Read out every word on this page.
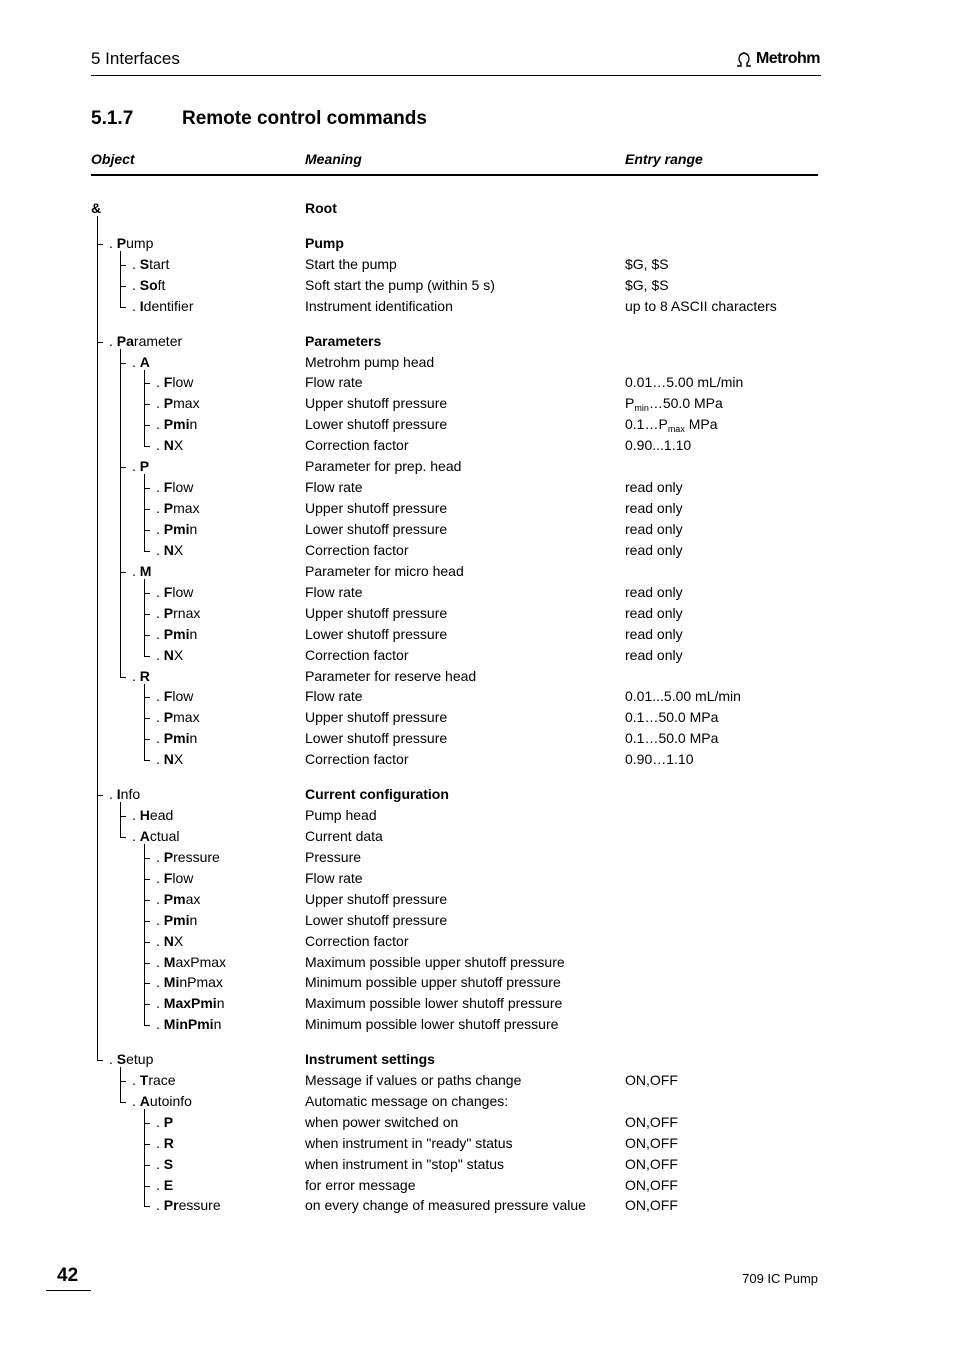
5 Interfaces	Metrohm
5.1.7	Remote control commands
Object	Meaning	Entry range
&	Root
. Pump	Pump
. Start	Start the pump	$G, $S
. Soft	Soft start the pump (within 5 s)	$G, $S
. Identifier	Instrument identification	up to 8 ASCII characters
. Parameter	Parameters
. A	Metrohm pump head
. Flow	Flow rate	0.01…5.00 mL/min
. Pmax	Upper shutoff pressure	$P_{min}\dots 50.0$ MPa
. Pmin	Lower shutoff pressure	$0.1\dots P_{max}$ MPa
. NX	Correction factor	0.90...1.10
. P	Parameter for prep. head
. Flow	Flow rate	read only
. Pmax	Upper shutoff pressure	read only
. Pmin	Lower shutoff pressure	read only
. NX	Correction factor	read only
. M	Parameter for micro head
. Flow	Flow rate	read only
. Prnax	Upper shutoff pressure	read only
. Pmin	Lower shutoff pressure	read only
. NX	Correction factor	read only
. R	Parameter for reserve head
. Flow	Flow rate	0.01...5.00 mL/min
. Pmax	Upper shutoff pressure	0.1…50.0 MPa
. Pmin	Lower shutoff pressure	0.1…50.0 MPa
. NX	Correction factor	0.90…1.10
. Info	Current configuration
. Head	Pump head
. Actual	Current data
. Pressure	Pressure
. Flow	Flow rate
. Pmax	Upper shutoff pressure
. Pmin	Lower shutoff pressure
. NX	Correction factor
. MaxPmax	Maximum possible upper shutoff pressure
. MinPmax	Minimum possible upper shutoff pressure
. MaxPmin	Maximum possible lower shutoff pressure
. MinPmin	Minimum possible lower shutoff pressure
. Setup	Instrument settings
. Trace	Message if values or paths change	ON,OFF
. Autoinfo	Automatic message on changes:
. P	when power switched on	ON,OFF
. R	when instrument in "ready" status	ON,OFF
. S	when instrument in "stop" status	ON,OFF
. E	for error message	ON,OFF
. Pressure	on every change of measured pressure value	ON,OFF
42	709 IC Pump
